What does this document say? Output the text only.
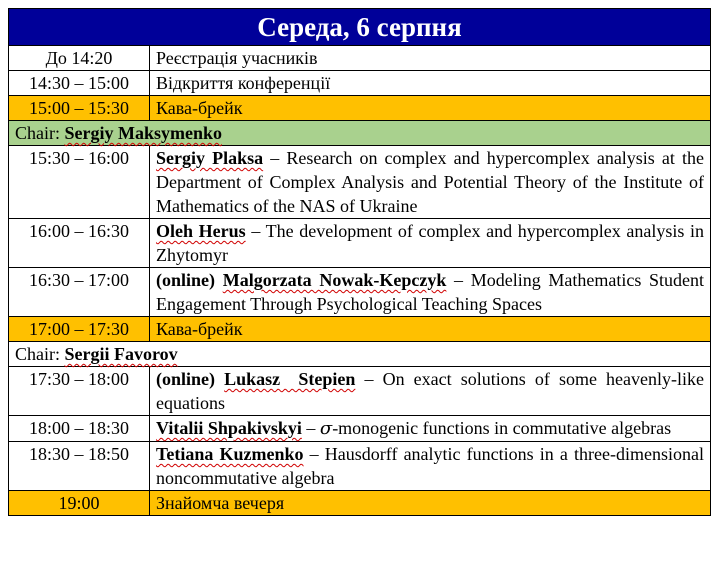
Середа, 6 серпня	
До 14:20	Реєстрація учасників
14:30 – 15:00	Відкриття конференції
15:00 – 15:30	Кава-брейк
Chair: Sergiy Maksymenko	
15:30 – 16:00	Sergiy Plaksa – Research on complex and hypercomplex analysis at the Department of Complex Analysis and Potential Theory of the Institute of Mathematics of the NAS of Ukraine
16:00 – 16:30	Oleh Herus – The development of complex and hypercomplex analysis in Zhytomyr
16:30 – 17:00	(online) Malgorzata Nowak-Kepczyk – Modeling Mathematics Student Engagement Through Psychological Teaching Spaces
17:00 – 17:30	Кава-брейк
Chair: Sergii Favorov	
17:30 – 18:00	(online) Lukasz  Stepien – On exact solutions of some heavenly-like equations
18:00 – 18:30	Vitalii Shpakivskyi – σ-monogenic functions in commutative algebras
18:30 – 18:50	Tetiana Kuzmenko – Hausdorff analytic functions in a three-dimensional noncommutative algebra
19:00	Знайомча вечеря
